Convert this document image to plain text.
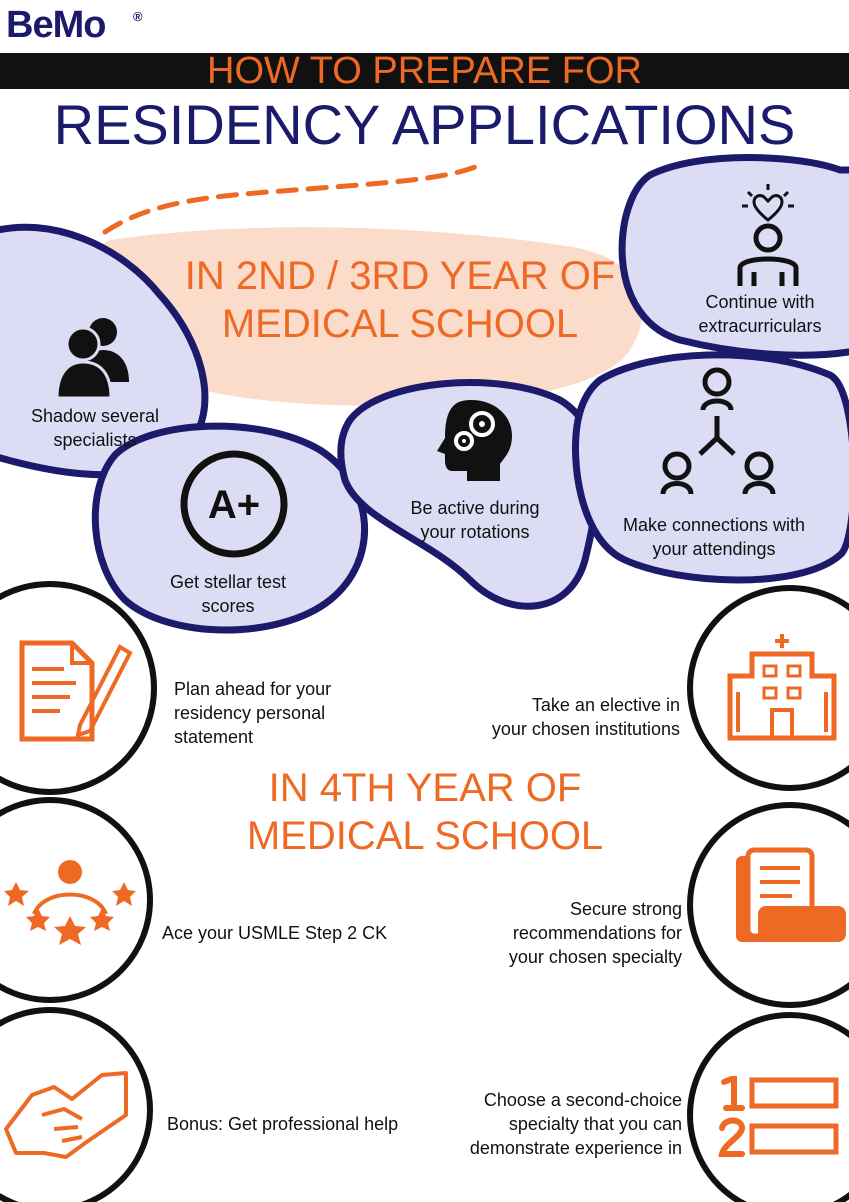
BeMo ®
HOW TO PREPARE FOR
RESIDENCY APPLICATIONS
IN 2ND / 3RD YEAR OF
MEDICAL SCHOOL
A+
Shadow several
specialists
Get stellar test
scores
Be active during
your rotations	Make connections with
your attendings
Continue with
extracurriculars
IN 4TH YEAR OF
MEDICAL SCHOOL
Plan ahead for your
residency personal
statement
Take an elective in
your chosen institutions
Ace your USMLE Step 2 CK
Secure strong
recommendations for
your chosen specialty
Bonus: Get professional help
Choose a second-choice
specialty that you can
demonstrate experience in
